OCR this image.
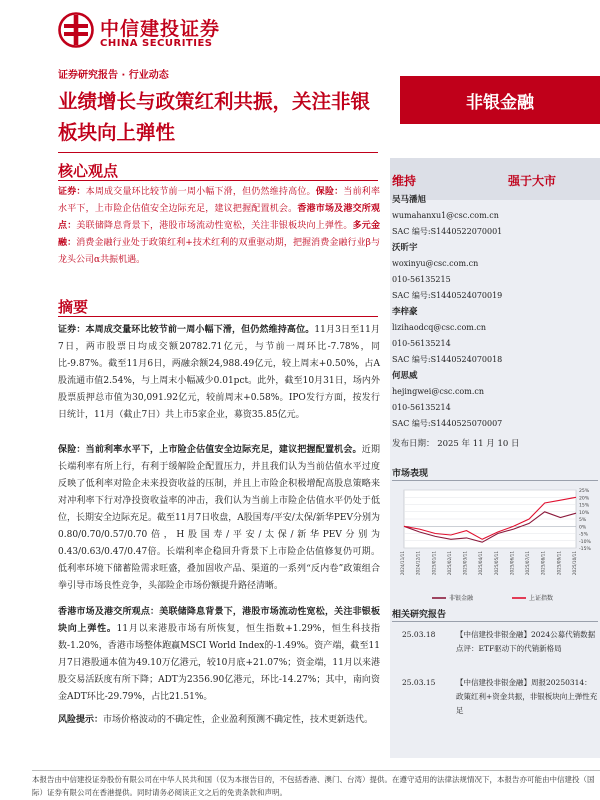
中信建投证券
CHINA SECURITIES
证券研究报告 · 行业动态
业绩增长与政策红利共振，关注非银板块向上弹性
非银金融
核心观点
证券：本周成交量环比较节前一周小幅下滑，但仍然维持高位。保险：当前利率水平下，上市险企估值安全边际充足，建议把握配置机会。香港市场及港交所观点：美联储降息背景下，港股市场流动性宽松，关注非银板块向上弹性。多元金融：消费金融行业处于政策红利+技术红利的双重驱动期，把握消费金融行业β与龙头公司α共振机遇。
摘要
证券：本周成交量环比较节前一周小幅下滑，但仍然维持高位。11月3日至11月7日，两市股票日均成交额20782.71亿元，与节前一周环比-7.78%，同比-9.87%。截至11月6日，两融余额24,988.49亿元，较上周末+0.50%，占A股流通市值2.54%，与上周末小幅减少0.01pct。此外，截至10月31日，场内外股票质押总市值为30,091.92亿元，较前周末+0.58%。IPO发行方面，按发行日统计，11月（截止7日）共上市5家企业，募资35.85亿元。
保险：当前利率水平下，上市险企估值安全边际充足，建议把握配置机会。近期长端利率有所上行，有利于缓解险企配置压力，并且我们认为当前估值水平过度反映了低利率对险企未来投资收益的压制，并且上市险企积极增配高股息策略来对冲利率下行对净投资收益率的冲击，我们认为当前上市险企估值水平仍处于低位，长期安全边际充足。截至11月7日收盘，A股国寿/平安/太保/新华PEV分别为0.80/0.70/0.57/0.70倍，H股国寿/平安/太保/新华PEV分别为0.43/0.63/0.47/0.47倍。长端利率企稳回升背景下上市险企估值修复仍可期。低利率环境下储蓄险需求旺盛，叠加固收产品、渠道的一系列“反内卷”政策组合拳引导市场良性竞争，头部险企市场份额提升路径清晰。
香港市场及港交所观点：美联储降息背景下，港股市场流动性宽松，关注非银板块向上弹性。11月以来港股市场有所恢复，恒生指数+1.29%，恒生科技指数-1.20%，香港市场整体跑赢MSCI World Index的-1.49%。资产端，截至11月7日港股通本值为49.10万亿港元，较10月底+21.07%；资金端，11月以来港股交易活跃度有所下降；ADT为2356.90亿港元，环比-14.27%；其中，南向资金ADT环比-29.79%，占比21.51%。
风险提示：市场价格波动的不确定性，企业盈利预测不确定性，技术更新迭代。
维持	强于大市
吴马潘旭
wumahanxu1@csc.com.cn
SAC 编号:S1440522070001
沃昕宇
woxinyu@csc.com.cn
010-56135215
SAC 编号:S1440524070019
李梓豪
lizihaodcq@csc.com.cn
010-56135214
SAC 编号:S1440524070018
何思威
hejingwei@csc.com.cn
010-56135214
SAC 编号:S1440525070007
发布日期： 2025 年 11 月 10 日
市场表现
25%
20%
15%
10%
5%
0%
-5%
-10%
-15%
2024/11/11	2024/12/11	2025/01/11	2025/02/11	2025/03/11	2025/04/11	2025/05/11	2025/06/11	2025/07/11	2025/08/11	2025/09/11	2025/10/11
非银金融	上证指数
相关研究报告
25.03.18	【中信建投非银金融】2024公募代销数据点评：ETF驱动下的代销新格局
25.03.15	【中信建投非银金融】周报20250314：政策红利+资金共振，非银板块向上弹性充足
本报告由中信建投证券股份有限公司在中华人民共和国（仅为本报告目的，不包括香港、澳门、台湾）提供。在遵守适用的法律法规情况下，本报告亦可能由中信建投（国际）证券有限公司在香港提供。同时请务必阅读正文之后的免责条款和声明。
